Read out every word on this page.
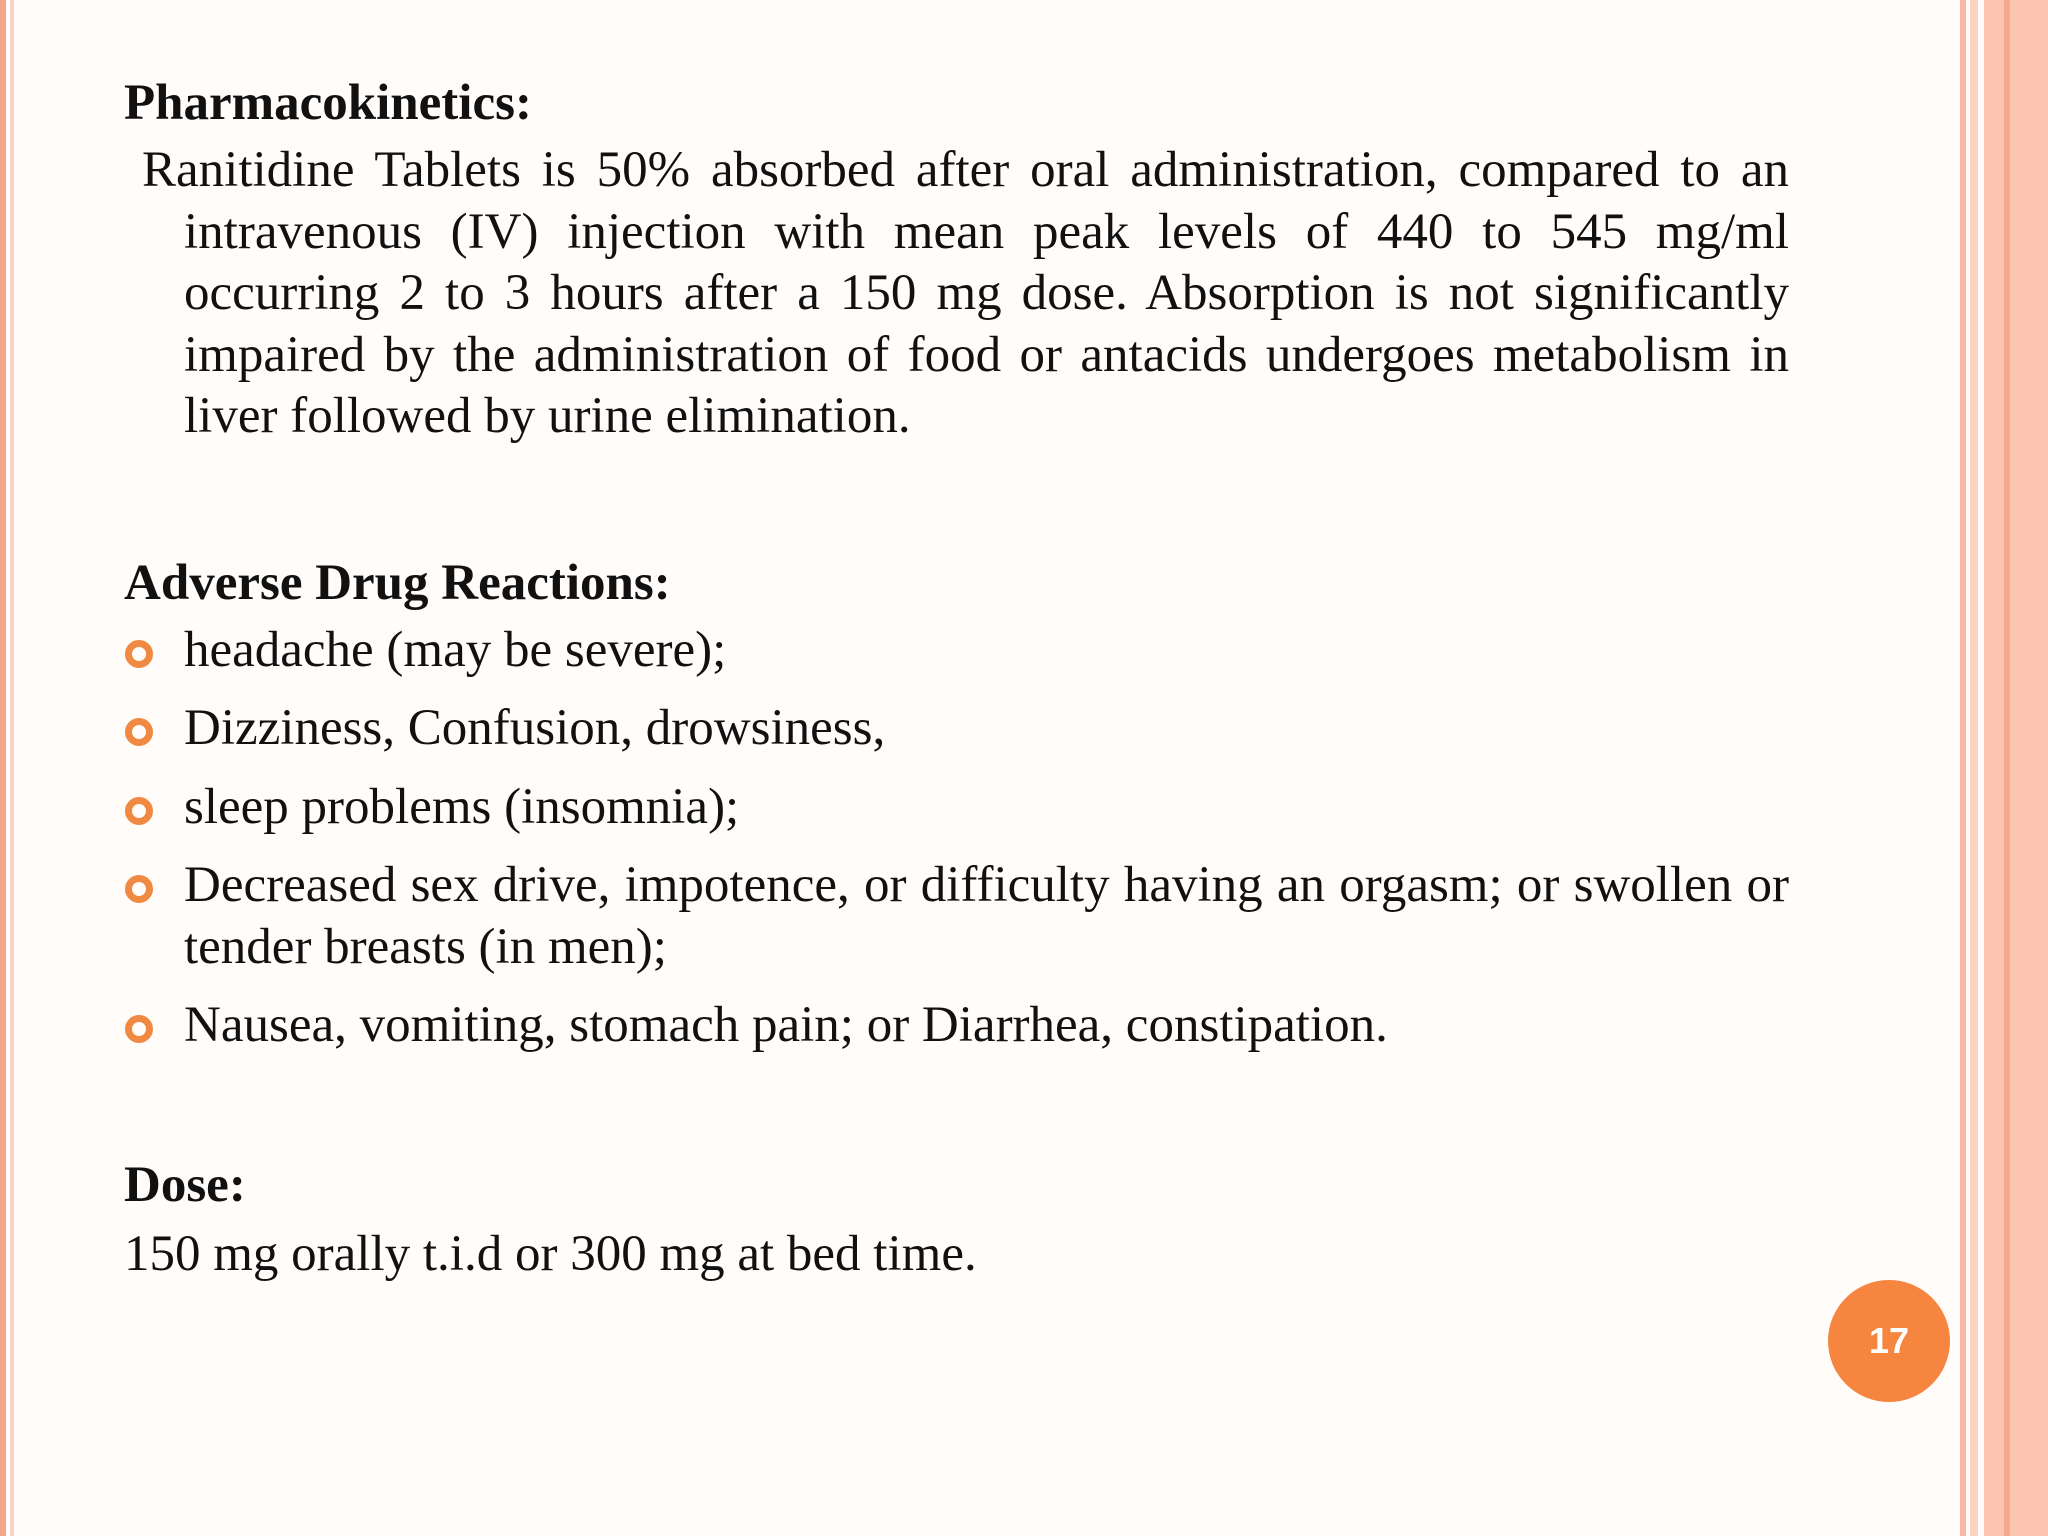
Pharmacokinetics:

Ranitidine Tablets is 50% absorbed after oral administration, compared to an intravenous (IV) injection with mean peak levels of 440 to 545 mg/ml occurring 2 to 3 hours after a 150 mg dose. Absorption is not significantly impaired by the administration of food or antacids undergoes metabolism in liver followed by urine elimination.

Adverse Drug Reactions:
headache (may be severe);
Dizziness, Confusion, drowsiness,
sleep problems (insomnia);
Decreased sex drive, impotence, or difficulty having an orgasm; or swollen or tender breasts (in men);
Nausea, vomiting, stomach pain; or Diarrhea, constipation.
Dose:

150 mg orally t.i.d or 300 mg at bed time.

17
